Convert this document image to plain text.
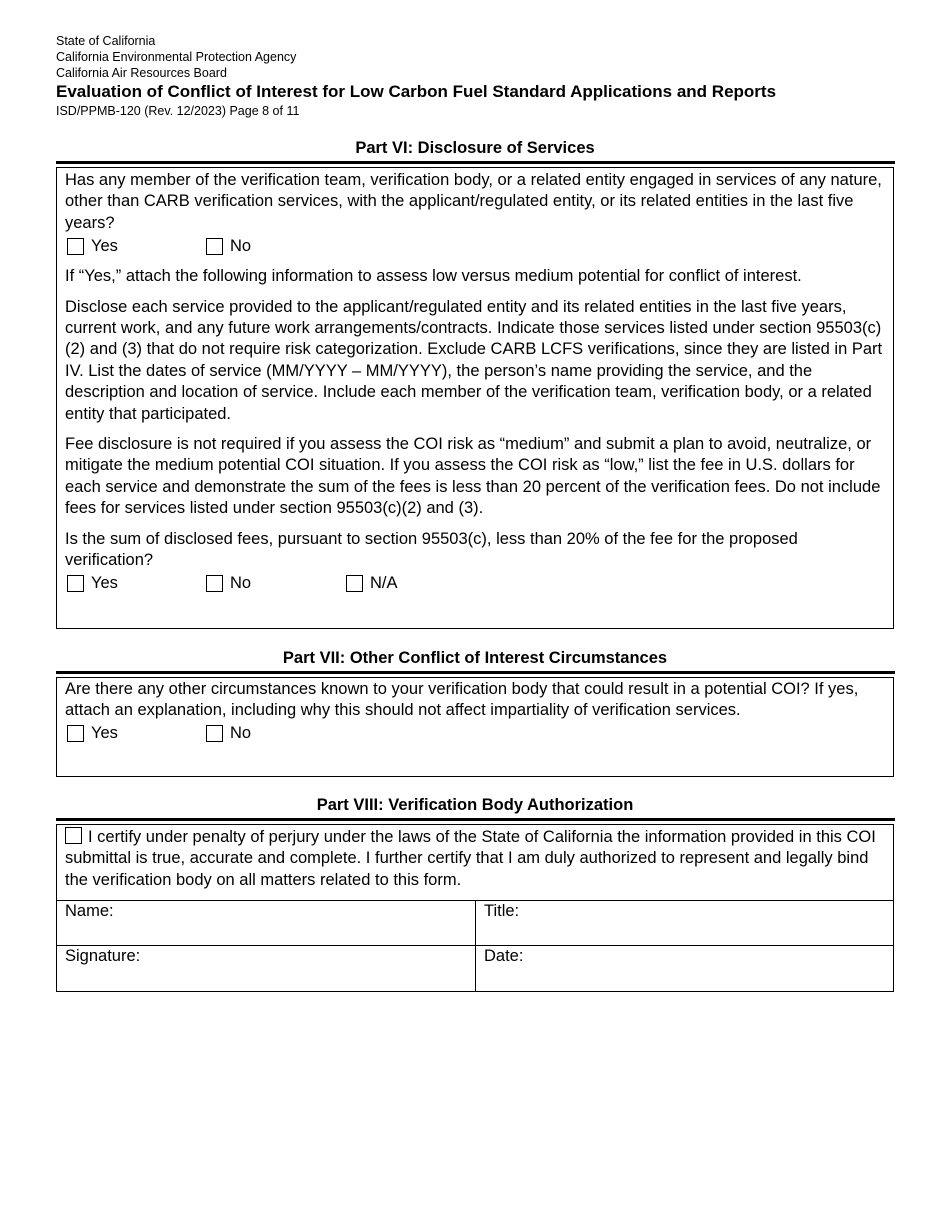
State of California
California Environmental Protection Agency
California Air Resources Board
Evaluation of Conflict of Interest for Low Carbon Fuel Standard Applications and Reports
ISD/PPMB-120 (Rev. 12/2023) Page 8 of 11
Part VI: Disclosure of Services

Has any member of the verification team, verification body, or a related entity engaged in services of any nature, other than CARB verification services, with the applicant/regulated entity, or its related entities in the last five years?

Yes	No

If “Yes,” attach the following information to assess low versus medium potential for conflict of interest.

Disclose each service provided to the applicant/regulated entity and its related entities in the last five years, current work, and any future work arrangements/contracts. Indicate those services listed under section 95503(c)(2) and (3) that do not require risk categorization. Exclude CARB LCFS verifications, since they are listed in Part IV. List the dates of service (MM/YYYY – MM/YYYY), the person’s name providing the service, and the description and location of service. Include each member of the verification team, verification body, or a related entity that participated.

Fee disclosure is not required if you assess the COI risk as “medium” and submit a plan to avoid, neutralize, or mitigate the medium potential COI situation. If you assess the COI risk as “low,” list the fee in U.S. dollars for each service and demonstrate the sum of the fees is less than 20 percent of the verification fees. Do not include fees for services listed under section 95503(c)(2) and (3).

Is the sum of disclosed fees, pursuant to section 95503(c), less than 20% of the fee for the proposed verification?

Yes	No	N/A
Part VII: Other Conflict of Interest Circumstances

Are there any other circumstances known to your verification body that could result in a potential COI? If yes, attach an explanation, including why this should not affect impartiality of verification services.

Yes	No
Part VIII: Verification Body Authorization

I certify under penalty of perjury under the laws of the State of California the information provided in this COI submittal is true, accurate and complete. I further certify that I am duly authorized to represent and legally bind the verification body on all matters related to this form.

Name:	Title:
Signature:	Date:
